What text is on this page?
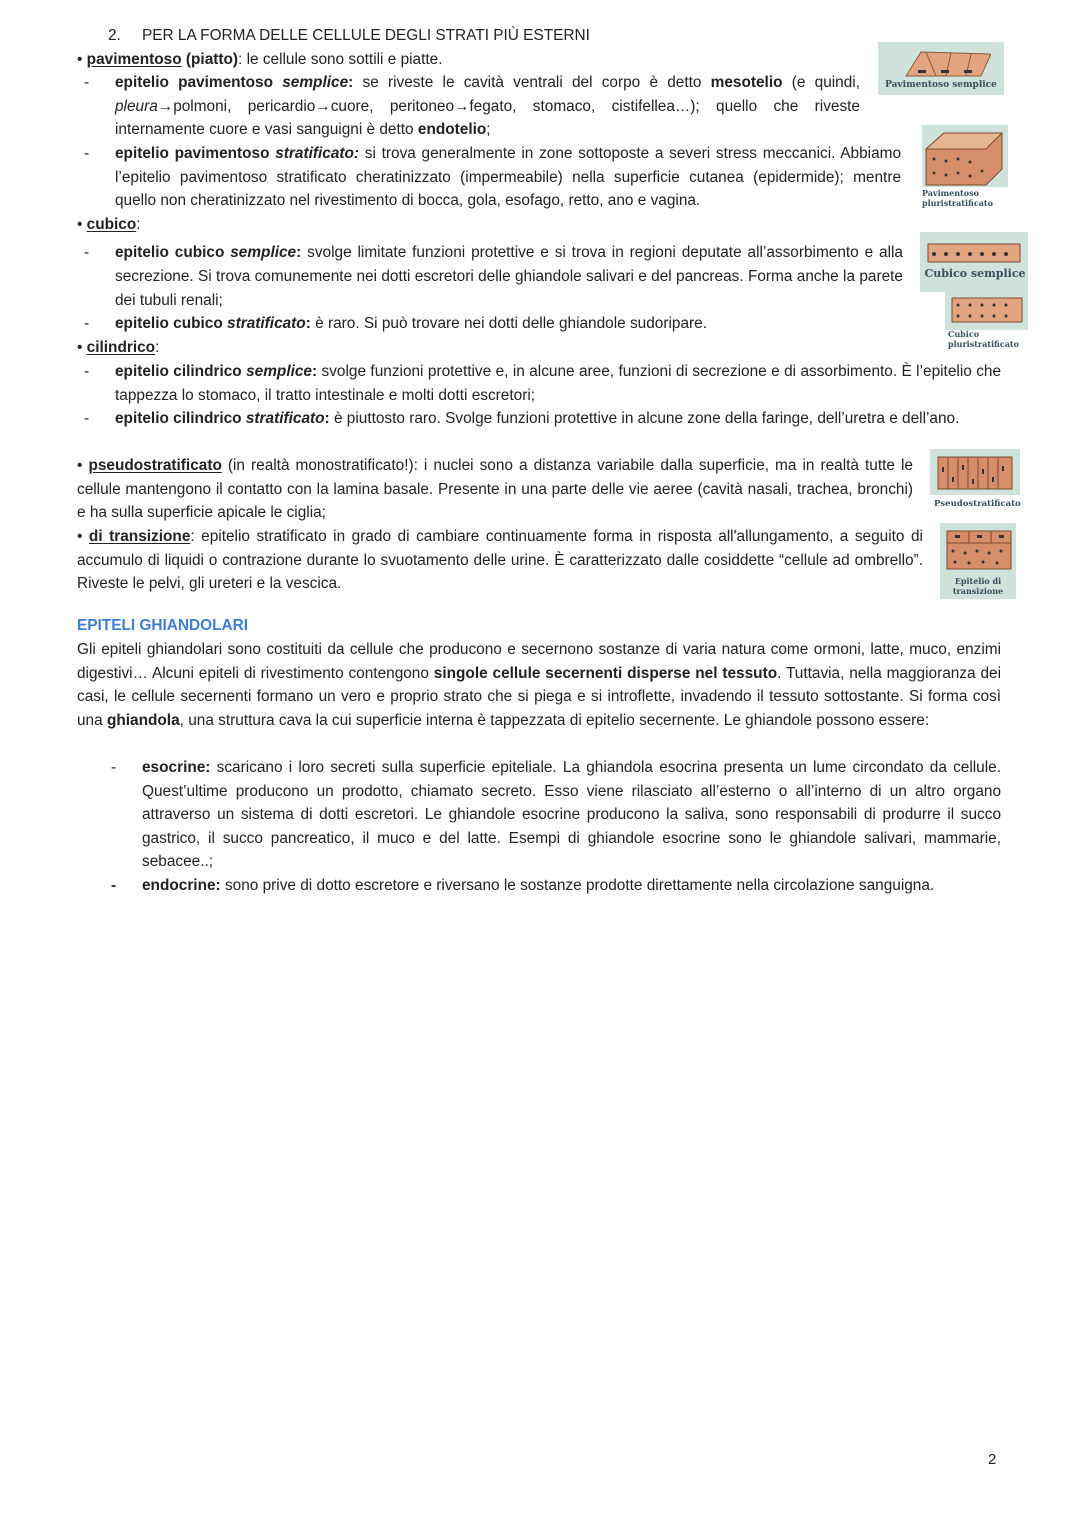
2. PER LA FORMA DELLE CELLULE DEGLI STRATI PIÙ ESTERNI
• pavimentoso (piatto): le cellule sono sottili e piatte.
- epitelio pavimentoso semplice: se riveste le cavità ventrali del corpo è detto mesotelio (e quindi, pleura→polmoni, pericardio→cuore, peritoneo→fegato, stomaco, cistifellea…); quello che riveste internamente cuore e vasi sanguigni è detto endotelio;
- epitelio pavimentoso stratificato: si trova generalmente in zone sottoposte a severi stress meccanici. Abbiamo l’epitelio pavimentoso stratificato cheratinizzato (impermeabile) nella superficie cutanea (epidermide); mentre quello non cheratinizzato nel rivestimento di bocca, gola, esofago, retto, ano e vagina.
• cubico:
- epitelio cubico semplice: svolge limitate funzioni protettive e si trova in regioni deputate all’assorbimento e alla secrezione. Si trova comunemente nei dotti escretori delle ghiandole salivari e del pancreas. Forma anche la parete dei tubuli renali;
- epitelio cubico stratificato: è raro. Si può trovare nei dotti delle ghiandole sudoripare.
• cilindrico:
- epitelio cilindrico semplice: svolge funzioni protettive e, in alcune aree, funzioni di secrezione e di assorbimento. È l’epitelio che tappezza lo stomaco, il tratto intestinale e molti dotti escretori;
- epitelio cilindrico stratificato: è piuttosto raro. Svolge funzioni protettive in alcune zone della faringe, dell’uretra e dell’ano.
• pseudostratificato (in realtà monostratificato!): i nuclei sono a distanza variabile dalla superficie, ma in realtà tutte le cellule mantengono il contatto con la lamina basale. Presente in una parte delle vie aeree (cavità nasali, trachea, bronchi) e ha sulla superficie apicale le ciglia;
• di transizione: epitelio stratificato in grado di cambiare continuamente forma in risposta all'allungamento, a seguito di accumulo di liquidi o contrazione durante lo svuotamento delle urine. È caratterizzato dalle cosiddette “cellule ad ombrello”. Riveste le pelvi, gli ureteri e la vescica.
EPITELI GHIANDOLARI
Gli epiteli ghiandolari sono costituiti da cellule che producono e secernono sostanze di varia natura come ormoni, latte, muco, enzimi digestivi… Alcuni epiteli di rivestimento contengono singole cellule secernenti disperse nel tessuto. Tuttavia, nella maggioranza dei casi, le cellule secernenti formano un vero e proprio strato che si piega e si introflette, invadendo il tessuto sottostante. Si forma così una ghiandola, una struttura cava la cui superficie interna è tappezzata di epitelio secernente. Le ghiandole possono essere:
- esocrine: scaricano i loro secreti sulla superficie epiteliale. La ghiandola esocrina presenta un lume circondato da cellule. Quest’ultime producono un prodotto, chiamato secreto. Esso viene rilasciato all’esterno o all’interno di un altro organo attraverso un sistema di dotti escretori. Le ghiandole esocrine producono la saliva, sono responsabili di produrre il succo gastrico, il succo pancreatico, il muco e del latte. Esempi di ghiandole esocrine sono le ghiandole salivari, mammarie, sebacee..;
- endocrine: sono prive di dotto escretore e riversano le sostanze prodotte direttamente nella circolazione sanguigna.
Pavimentoso semplice
Pavimentoso
pluristratificato
Cubico semplice
Cubico
pluristratificato
Pseudostratificato
Epitelio di
transizione
2
